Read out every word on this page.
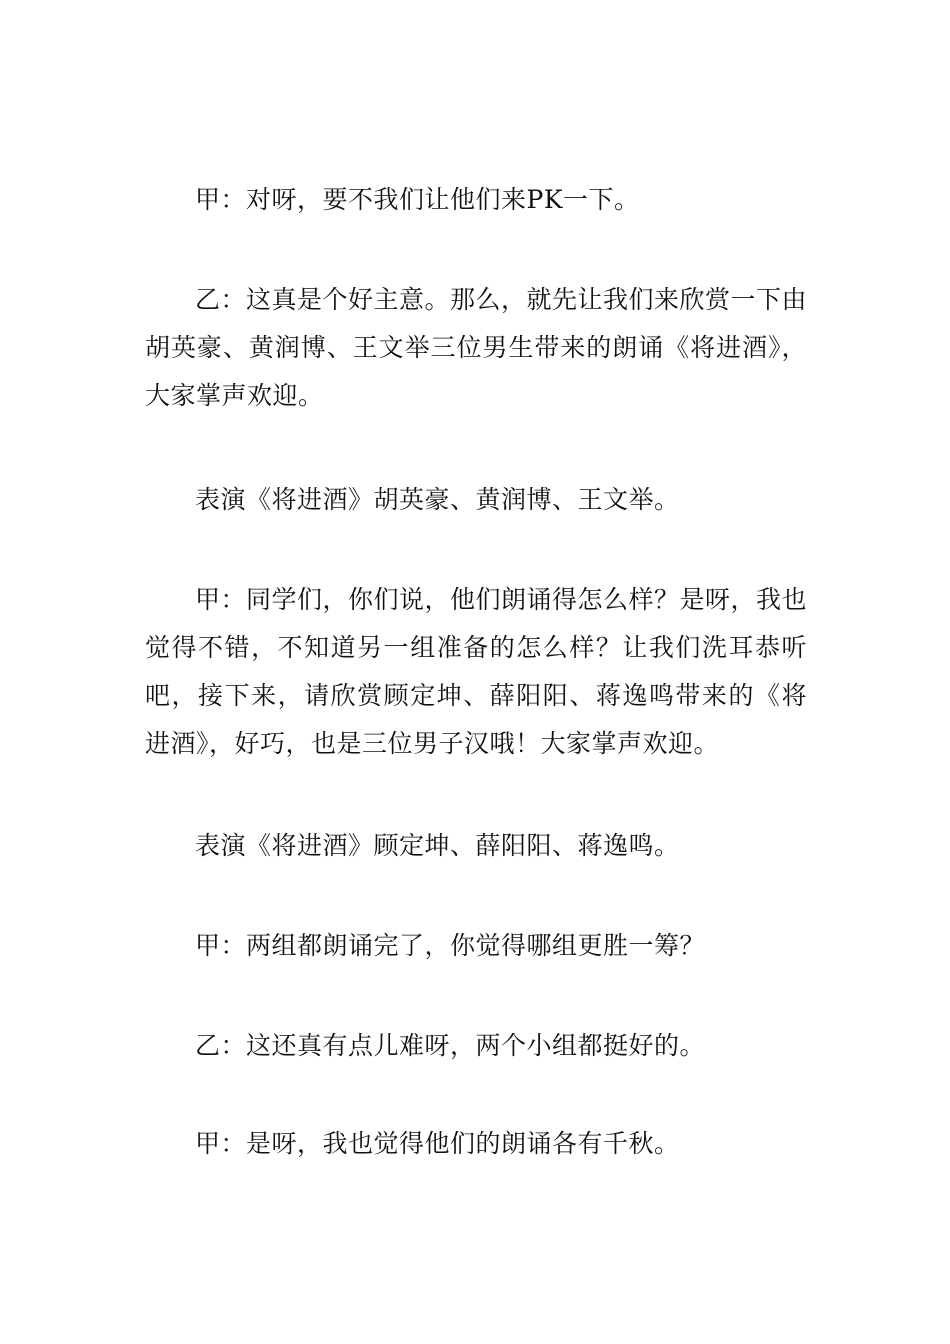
甲：对呀，要不我们让他们来PK一下。

乙：这真是个好主意。那么，就先让我们来欣赏一下由胡英豪、黄润博、王文举三位男生带来的朗诵《将进酒》，大家掌声欢迎。

表演《将进酒》胡英豪、黄润博、王文举。

甲：同学们，你们说，他们朗诵得怎么样？是呀，我也觉得不错，不知道另一组准备的怎么样？让我们洗耳恭听吧，接下来，请欣赏顾定坤、薛阳阳、蒋逸鸣带来的《将进酒》，好巧，也是三位男子汉哦！大家掌声欢迎。

表演《将进酒》顾定坤、薛阳阳、蒋逸鸣。

甲：两组都朗诵完了，你觉得哪组更胜一筹？

乙：这还真有点儿难呀，两个小组都挺好的。

甲：是呀，我也觉得他们的朗诵各有千秋。
